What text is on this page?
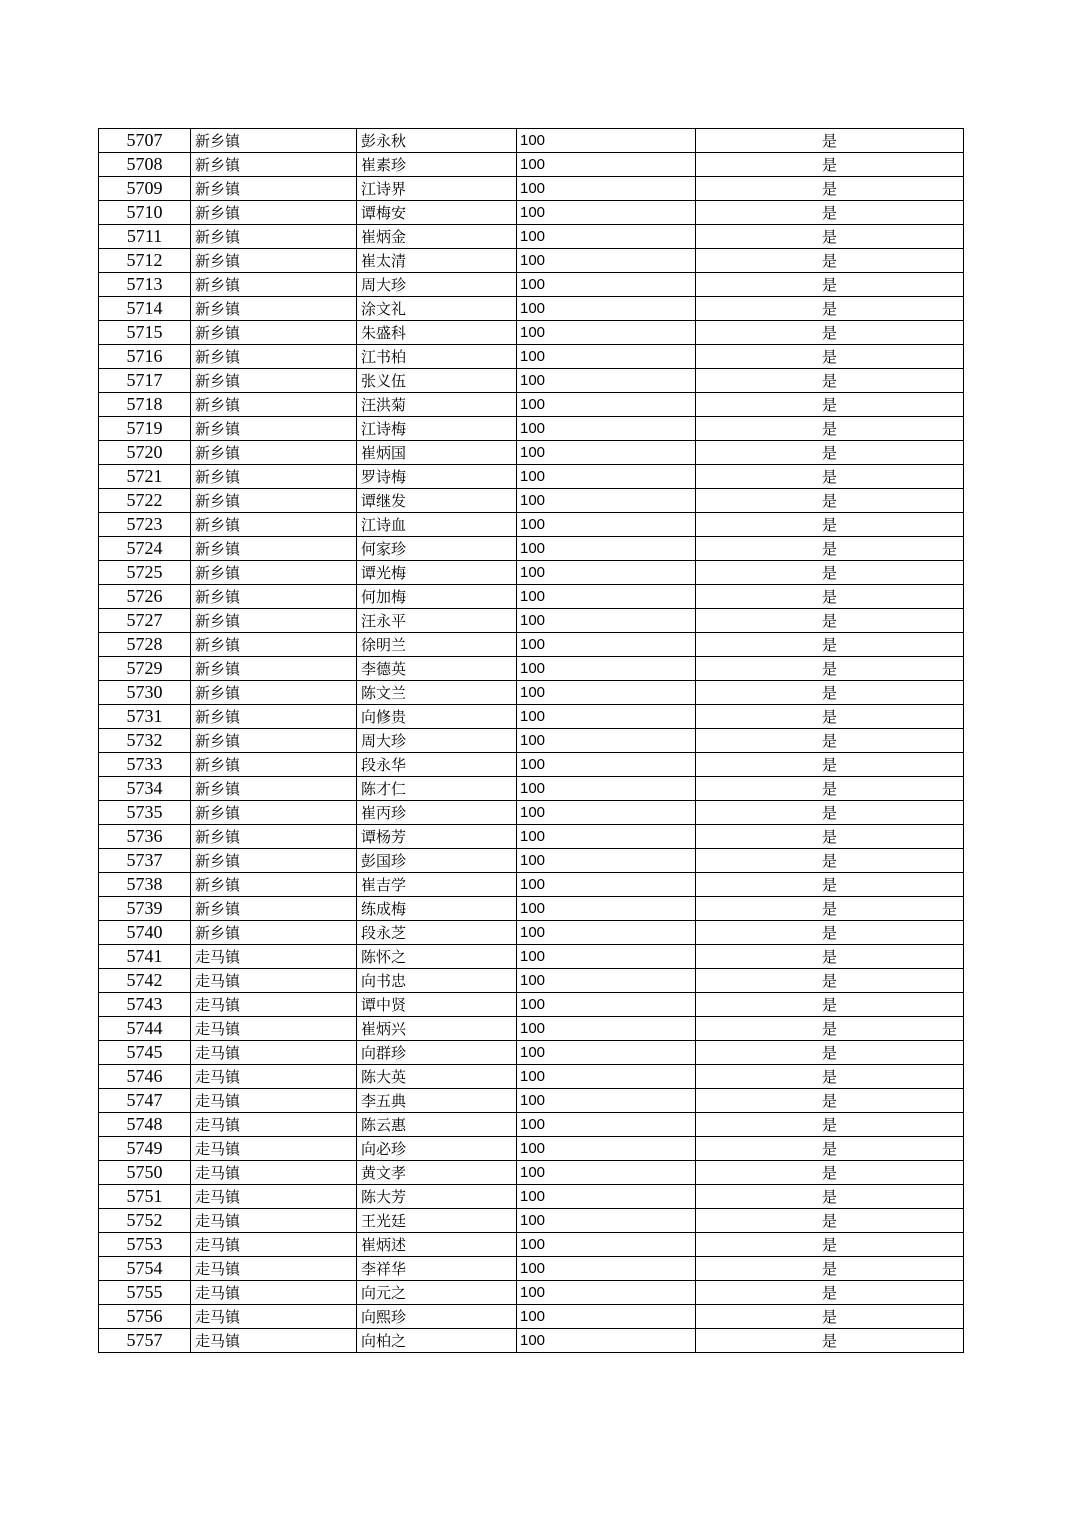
5707	新乡镇	彭永秋	100	是
5708	新乡镇	崔素珍	100	是
5709	新乡镇	江诗界	100	是
5710	新乡镇	谭梅安	100	是
5711	新乡镇	崔炳金	100	是
5712	新乡镇	崔太清	100	是
5713	新乡镇	周大珍	100	是
5714	新乡镇	涂文礼	100	是
5715	新乡镇	朱盛科	100	是
5716	新乡镇	江书柏	100	是
5717	新乡镇	张义伍	100	是
5718	新乡镇	汪洪菊	100	是
5719	新乡镇	江诗梅	100	是
5720	新乡镇	崔炳国	100	是
5721	新乡镇	罗诗梅	100	是
5722	新乡镇	谭继发	100	是
5723	新乡镇	江诗血	100	是
5724	新乡镇	何家珍	100	是
5725	新乡镇	谭光梅	100	是
5726	新乡镇	何加梅	100	是
5727	新乡镇	汪永平	100	是
5728	新乡镇	徐明兰	100	是
5729	新乡镇	李德英	100	是
5730	新乡镇	陈文兰	100	是
5731	新乡镇	向修贵	100	是
5732	新乡镇	周大珍	100	是
5733	新乡镇	段永华	100	是
5734	新乡镇	陈才仁	100	是
5735	新乡镇	崔丙珍	100	是
5736	新乡镇	谭杨芳	100	是
5737	新乡镇	彭国珍	100	是
5738	新乡镇	崔吉学	100	是
5739	新乡镇	练成梅	100	是
5740	新乡镇	段永芝	100	是
5741	走马镇	陈怀之	100	是
5742	走马镇	向书忠	100	是
5743	走马镇	谭中贤	100	是
5744	走马镇	崔炳兴	100	是
5745	走马镇	向群珍	100	是
5746	走马镇	陈大英	100	是
5747	走马镇	李五典	100	是
5748	走马镇	陈云惠	100	是
5749	走马镇	向必珍	100	是
5750	走马镇	黄文孝	100	是
5751	走马镇	陈大芳	100	是
5752	走马镇	王光廷	100	是
5753	走马镇	崔炳述	100	是
5754	走马镇	李祥华	100	是
5755	走马镇	向元之	100	是
5756	走马镇	向熙珍	100	是
5757	走马镇	向柏之	100	是
